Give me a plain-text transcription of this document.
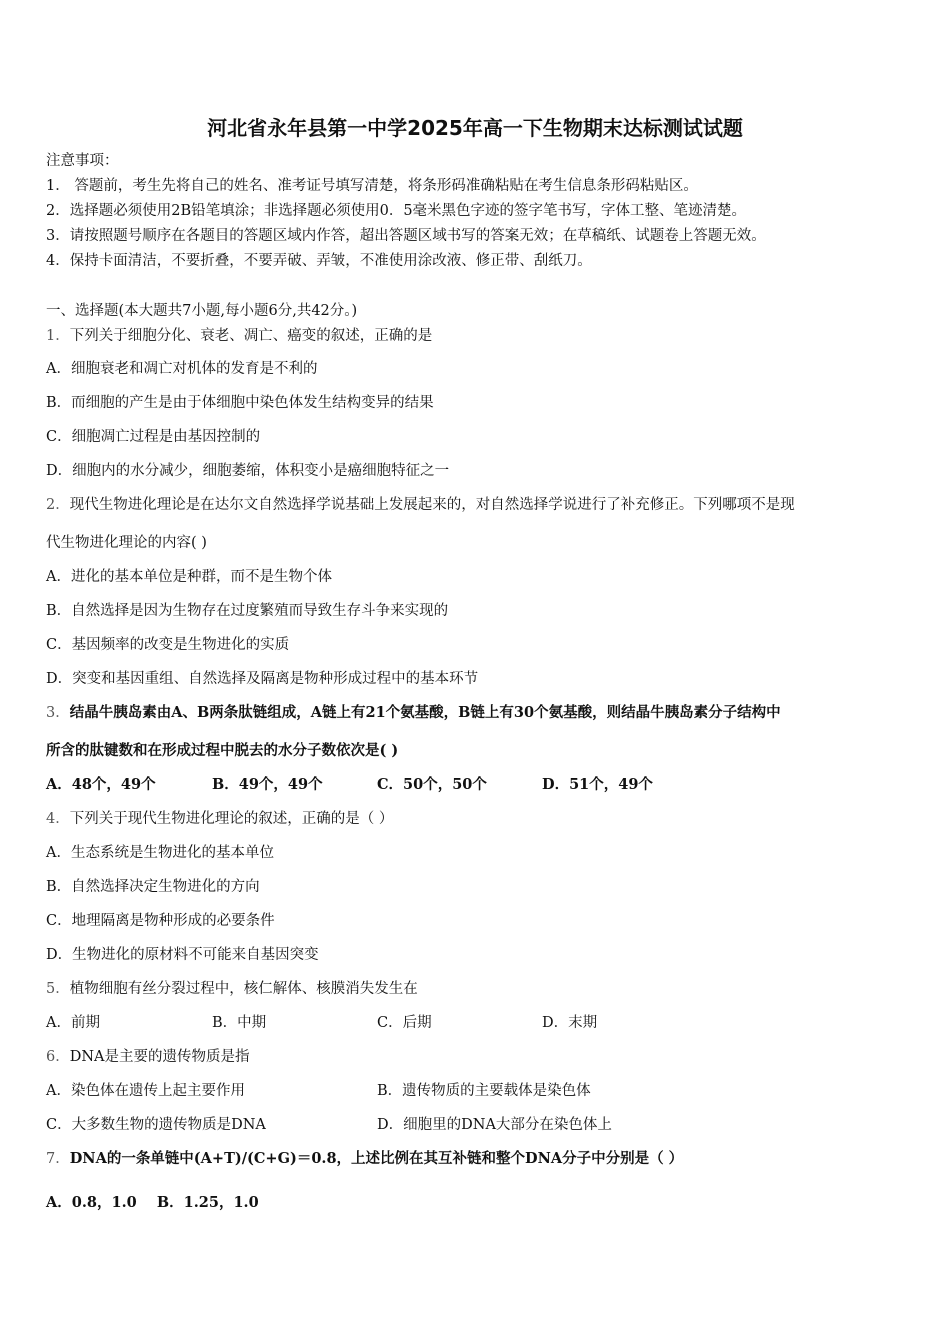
河北省永年县第一中学2025年高一下生物期末达标测试试题
注意事项：
1． 答题前，考生先将自己的姓名、准考证号填写清楚，将条形码准确粘贴在考生信息条形码粘贴区。
2．选择题必须使用2B铅笔填涂；非选择题必须使用0．5毫米黑色字迹的签字笔书写，字体工整、笔迹清楚。
3．请按照题号顺序在各题目的答题区域内作答，超出答题区域书写的答案无效；在草稿纸、试题卷上答题无效。
4．保持卡面清洁，不要折叠，不要弄破、弄皱，不准使用涂改液、修正带、刮纸刀。
一、选择题(本大题共7小题,每小题6分,共42分。)
1．下列关于细胞分化、衰老、凋亡、癌变的叙述，正确的是
A．细胞衰老和凋亡对机体的发育是不利的
B．而细胞的产生是由于体细胞中染色体发生结构变异的结果
C．细胞凋亡过程是由基因控制的
D．细胞内的水分减少，细胞萎缩，体积变小是癌细胞特征之一
2．现代生物进化理论是在达尔文自然选择学说基础上发展起来的，对自然选择学说进行了补充修正。下列哪项不是现
代生物进化理论的内容( )
A．进化的基本单位是种群，而不是生物个体
B．自然选择是因为生物存在过度繁殖而导致生存斗争来实现的
C．基因频率的改变是生物进化的实质
D．突变和基因重组、自然选择及隔离是物种形成过程中的基本环节
3．结晶牛胰岛素由A、B两条肽链组成，A链上有21个氨基酸，B链上有30个氨基酸，则结晶牛胰岛素分子结构中
所含的肽键数和在形成过程中脱去的水分子数依次是( )
A．48个，49个	B．49个，49个	C．50个，50个	D．51个，49个
4．下列关于现代生物进化理论的叙述，正确的是（ ）
A．生态系统是生物进化的基本单位
B．自然选择决定生物进化的方向
C．地理隔离是物种形成的必要条件
D．生物进化的原材料不可能来自基因突变
5．植物细胞有丝分裂过程中，核仁解体、核膜消失发生在
A．前期	B．中期	C．后期	D．末期
6．DNA是主要的遗传物质是指
A．染色体在遗传上起主要作用	B．遗传物质的主要载体是染色体
C．大多数生物的遗传物质是DNA	D．细胞里的DNA大部分在染色体上
7．DNA的一条单链中(A+T)/(C+G)＝0.8，上述比例在其互补链和整个DNA分子中分别是（ ）
A．0.8，1.0    B．1.25，1.0
